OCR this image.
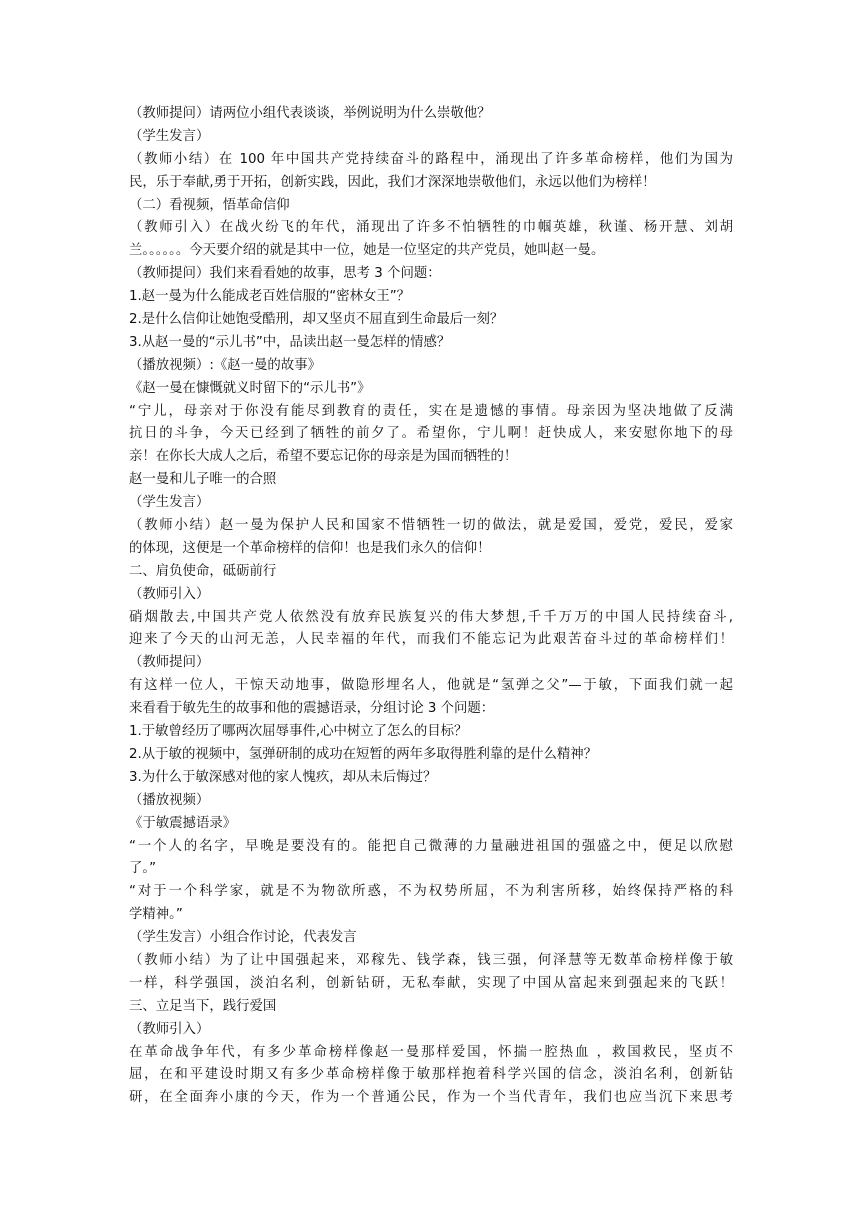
（教师提问）请两位小组代表谈谈，举例说明为什么崇敬他？
（学生发言）
（教师小结）在 100 年中国共产党持续奋斗的路程中，涌现出了许多革命榜样，他们为国为
民，乐于奉献,勇于开拓，创新实践，因此，我们才深深地崇敬他们，永远以他们为榜样！
（二）看视频，悟革命信仰
（教师引入）在战火纷飞的年代，涌现出了许多不怕牺牲的巾帼英雄，秋谨、杨开慧、刘胡
兰。。。。。。今天要介绍的就是其中一位，她是一位坚定的共产党员，她叫赵一曼。
（教师提问）我们来看看她的故事，思考 3 个问题：
1.赵一曼为什么能成老百姓信服的“密林女王”？
2.是什么信仰让她饱受酷刑，却又坚贞不屈直到生命最后一刻？
3.从赵一曼的“示儿书”中，品读出赵一曼怎样的情感？
（播放视频）:《赵一曼的故事》
《赵一曼在慷慨就义时留下的“示儿书”》
“宁儿，母亲对于你没有能尽到教育的责任，实在是遗憾的事情。母亲因为坚决地做了反满
抗日的斗争，今天已经到了牺牲的前夕了。希望你，宁儿啊！赶快成人，来安慰你地下的母
亲！在你长大成人之后，希望不要忘记你的母亲是为国而牺牲的！
赵一曼和儿子唯一的合照
（学生发言）
（教师小结）赵一曼为保护人民和国家不惜牺牲一切的做法，就是爱国，爱党，爱民，爱家
的体现，这便是一个革命榜样的信仰！也是我们永久的信仰！
二、肩负使命，砥砺前行
（教师引入）
硝烟散去,中国共产党人依然没有放弃民族复兴的伟大梦想,千千万万的中国人民持续奋斗,
迎来了今天的山河无恙，人民幸福的年代，而我们不能忘记为此艰苦奋斗过的革命榜样们！
（教师提问）
有这样一位人，干惊天动地事，做隐形埋名人，他就是“氢弹之父”—于敏，下面我们就一起
来看看于敏先生的故事和他的震撼语录，分组讨论 3 个问题：
1.于敏曾经历了哪两次屈辱事件,心中树立了怎么的目标？
2.从于敏的视频中，氢弹研制的成功在短暂的两年多取得胜利靠的是什么精神？
3.为什么于敏深感对他的家人愧疚，却从未后悔过？
（播放视频）
《于敏震撼语录》
“一个人的名字，早晚是要没有的。能把自己微薄的力量融进祖国的强盛之中，便足以欣慰
了。”
“对于一个科学家，就是不为物欲所惑，不为权势所屈，不为利害所移，始终保持严格的科
学精神。”
（学生发言）小组合作讨论，代表发言
（教师小结）为了让中国强起来，邓稼先、钱学森，钱三强，何泽慧等无数革命榜样像于敏
一样，科学强国，淡泊名利，创新钻研，无私奉献，实现了中国从富起来到强起来的飞跃！
三、立足当下，践行爱国
（教师引入）
在革命战争年代，有多少革命榜样像赵一曼那样爱国，怀揣一腔热血 ，救国救民，坚贞不
屈，在和平建设时期又有多少革命榜样像于敏那样抱着科学兴国的信念，淡泊名利，创新钻
研，在全面奔小康的今天，作为一个普通公民，作为一个当代青年，我们也应当沉下来思考
